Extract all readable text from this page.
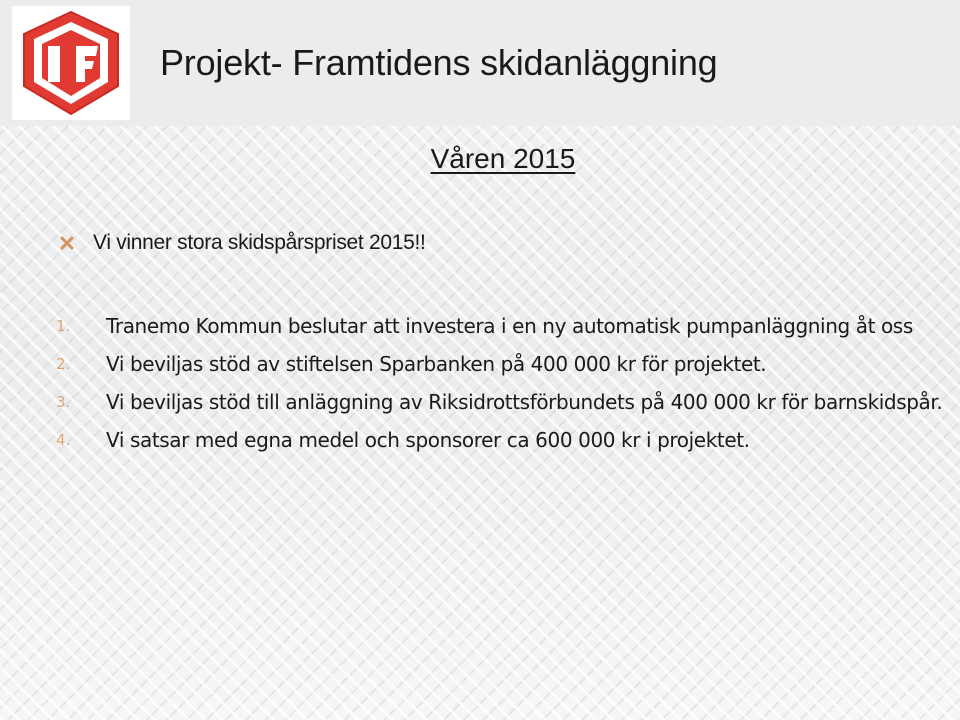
Projekt- Framtidens skidanläggning
Våren 2015
Vi vinner stora skidspårspriset 2015!!
1.	Tranemo Kommun beslutar att investera i en ny automatisk pumpanläggning åt oss
2.	Vi beviljas stöd av stiftelsen Sparbanken på 400 000 kr för projektet.
3.	Vi beviljas stöd till anläggning av Riksidrottsförbundets på 400 000 kr för barnskidspår.
4.	Vi satsar med egna medel och sponsorer ca 600 000 kr i projektet.
